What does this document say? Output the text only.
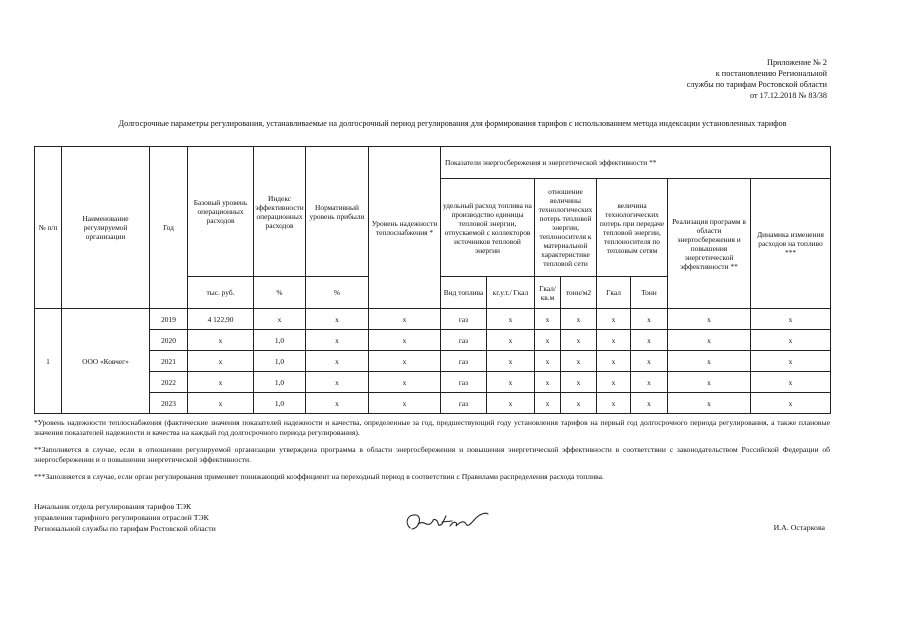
Приложение № 2
к постановлению Региональной
службы по тарифам Ростовской области
от 17.12.2018 № 83/38
Долгосрочные параметры регулирования, устанавливаемые на долгосрочный период регулирования для формирования тарифов с использованием метода индексации установленных тарифов
№ п/п	Наименование регулируемой организации	Год	Базовый уровень операционных расходов	Индекс эффективности операционных расходов	Нормативный уровень прибыли	Уровень надежности теплоснабжения *	Показатели энергосбережения и энергетической эффективности **							
							удельный расход топлива на производство единицы тепловой энергии, отпускаемой с коллекторов источников тепловой энергии		отношение величины технологических потерь тепловой энергии, теплоносителя к материальной характеристике тепловой сети		величина технологических потерь при передаче тепловой энергии, теплоносителя по тепловым сетям		Реализация программ в области энергосбережения и повышения энергетической эффективности **	Динамика изменения расходов на топливо ***
			тыс. руб.	%	%		Вид топлива	кг.у.т./ Гкал	Гкал/ кв.м	тонн/м2	Гкал	Тонн		
1	ООО «Ковчег»	2019	4 122,90	x	x	x	газ	x	x	x	x	x	x	x
		2020	x	1,0	x	x	газ	x	x	x	x	x	x	x
		2021	x	1,0	x	x	газ	x	x	x	x	x	x	x
		2022	x	1,0	x	x	газ	x	x	x	x	x	x	x
		2023	x	1,0	x	x	газ	x	x	x	x	x	x	x

*Уровень надежности теплоснабжения (фактические значения показателей надежности и качества, определенные за год, предшествующий году установления тарифов на первый год долгосрочного периода регулирования, а также плановые значения показателей надежности и качества на каждый год долгосрочного периода регулирования).

**Заполняется в случае, если в отношении регулируемой организации утверждена программа в области энергосбережения и повышения энергетической эффективности в соответствии с законодательством Российской Федерации об энергосбережении и о повышении энергетической эффективности.

***Заполняется в случае, если орган регулирования применяет понижающий коэффициент на переходный период в соответствии с Правилами распределения расхода топлива.

Начальник отдела регулирования тарифов ТЭК
управления тарифного регулирования отраслей ТЭК
Региональной службы по тарифам Ростовской области	И.А. Остаркова
